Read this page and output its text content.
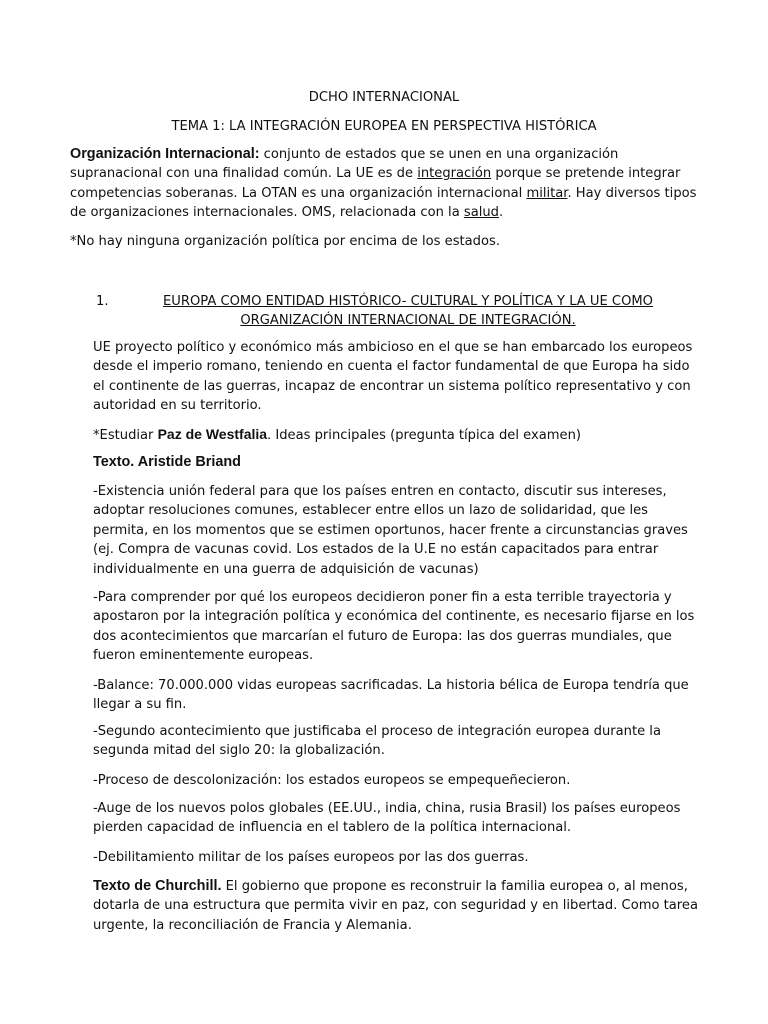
DCHO INTERNACIONAL
TEMA 1: LA INTEGRACIÓN EUROPEA EN PERSPECTIVA HISTÓRICA

Organización Internacional: conjunto de estados que se unen en una organización supranacional con una finalidad común. La UE es de integración porque se pretende integrar competencias soberanas. La OTAN es una organización internacional militar. Hay diversos tipos de organizaciones internacionales. OMS, relacionada con la salud.

*No hay ninguna organización política por encima de los estados.

1.	EUROPA COMO ENTIDAD HISTÓRICO- CULTURAL Y POLÍTICA Y LA UE COMO ORGANIZACIÓN INTERNACIONAL DE INTEGRACIÓN.

UE proyecto político y económico más ambicioso en el que se han embarcado los europeos desde el imperio romano, teniendo en cuenta el factor fundamental de que Europa ha sido el continente de las guerras, incapaz de encontrar un sistema político representativo y con autoridad en su territorio.

*Estudiar Paz de Westfalia. Ideas principales (pregunta típica del examen)

Texto. Aristide Briand

-Existencia unión federal para que los países entren en contacto, discutir sus intereses, adoptar resoluciones comunes, establecer entre ellos un lazo de solidaridad, que les permita, en los momentos que se estimen oportunos, hacer frente a circunstancias graves (ej. Compra de vacunas covid. Los estados de la U.E no están capacitados para entrar individualmente en una guerra de adquisición de vacunas)

-Para comprender por qué los europeos decidieron poner fin a esta terrible trayectoria y apostaron por la integración política y económica del continente, es necesario fijarse en los dos acontecimientos que marcarían el futuro de Europa: las dos guerras mundiales, que fueron eminentemente europeas.

-Balance: 70.000.000 vidas europeas sacrificadas. La historia bélica de Europa tendría que llegar a su fin.

-Segundo acontecimiento que justificaba el proceso de integración europea durante la segunda mitad del siglo 20: la globalización.

-Proceso de descolonización: los estados europeos se empequeñecieron.

-Auge de los nuevos polos globales (EE.UU., india, china, rusia Brasil) los países europeos pierden capacidad de influencia en el tablero de la política internacional.

-Debilitamiento militar de los países europeos por las dos guerras.

Texto de Churchill. El gobierno que propone es reconstruir la familia europea o, al menos, dotarla de una estructura que permita vivir en paz, con seguridad y en libertad. Como tarea urgente, la reconciliación de Francia y Alemania.
